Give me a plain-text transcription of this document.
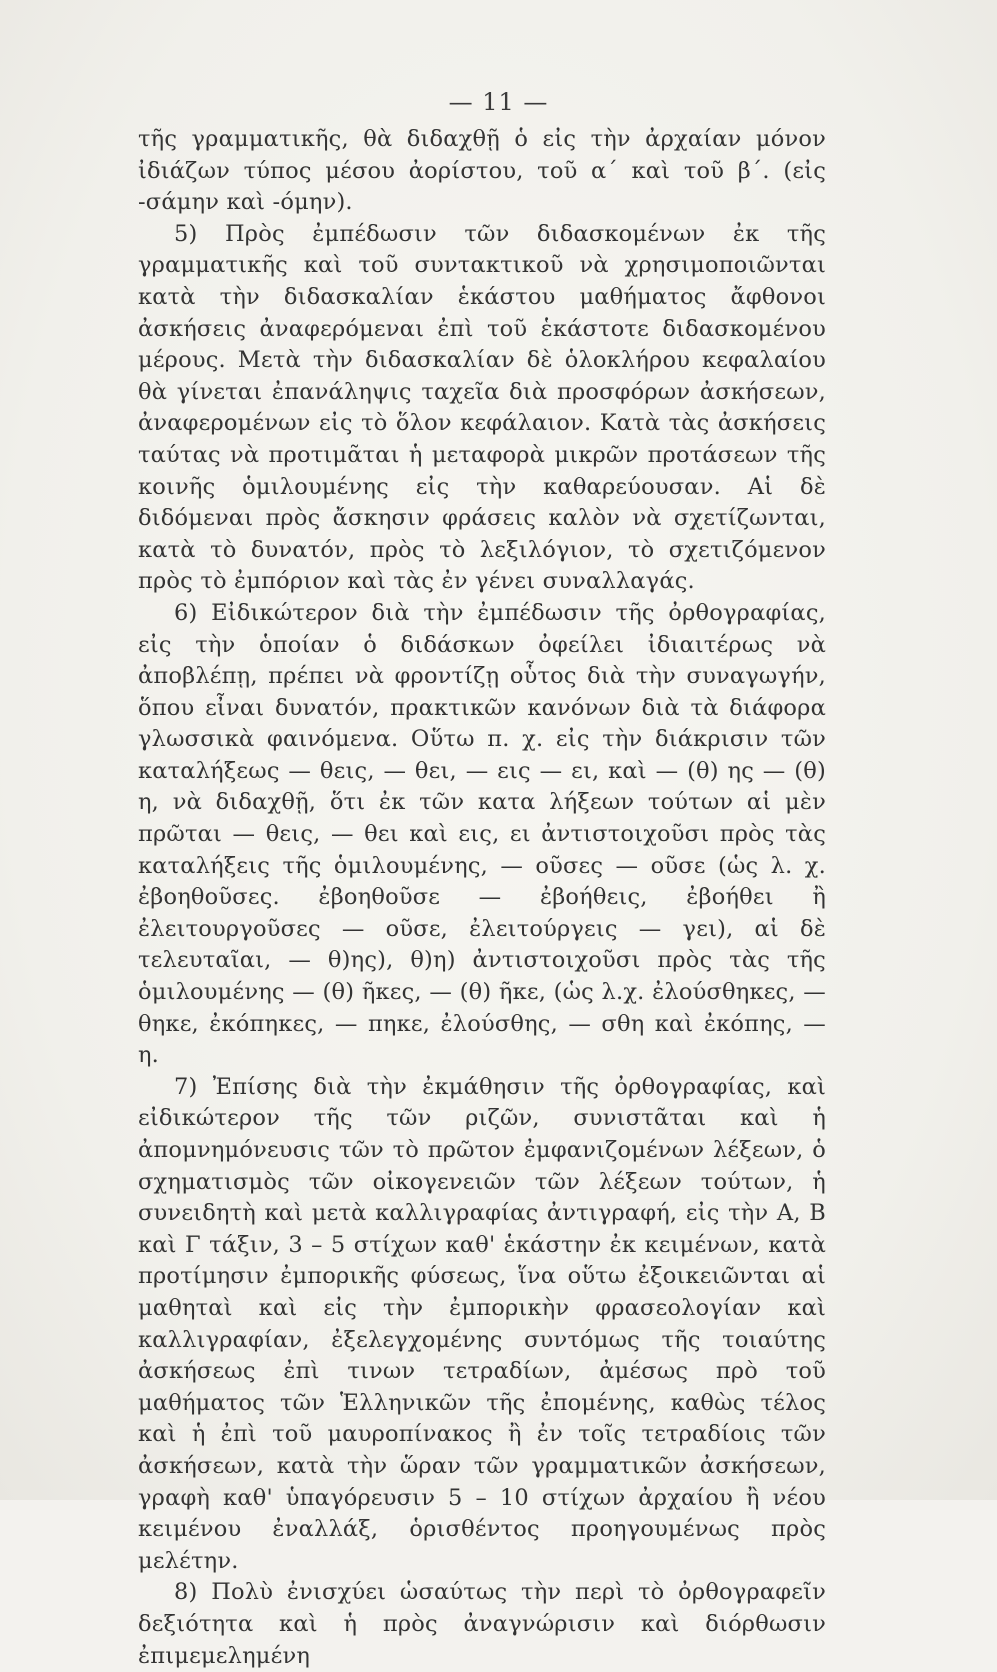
— 11 —

τῆς γραμματικῆς, θὰ διδαχθῇ ὁ εἰς τὴν ἀρχαίαν μόνον ἰδιάζων τύπος μέσου ἀορίστου, τοῦ α΄ καὶ τοῦ β΄. (εἰς -σάμην καὶ -όμην).

5) Πρὸς ἐμπέδωσιν τῶν διδασκομένων ἐκ τῆς γραμματικῆς καὶ τοῦ συντακτικοῦ νὰ χρησιμοποιῶνται κατὰ τὴν διδασκαλίαν ἑκάστου μαθήματος ἄφθονοι ἀσκήσεις ἀναφερόμεναι ἐπὶ τοῦ ἑκάστοτε διδασκομένου μέρους. Μετὰ τὴν διδασκαλίαν δὲ ὁλοκλήρου κεφαλαίου θὰ γίνεται ἐπανάληψις ταχεῖα διὰ προσφόρων ἀσκήσεων, ἀναφερομένων εἰς τὸ ὅλον κεφάλαιον. Κατὰ τὰς ἀσκήσεις ταύτας νὰ προτιμᾶται ἡ μεταφορὰ μικρῶν προτάσεων τῆς κοινῆς ὁμιλουμένης εἰς τὴν καθαρεύουσαν. Αἱ δὲ διδόμεναι πρὸς ἄσκησιν φράσεις καλὸν νὰ σχετίζωνται, κατὰ τὸ δυνατόν, πρὸς τὸ λεξιλόγιον, τὸ σχετιζόμενον πρὸς τὸ ἐμπόριον καὶ τὰς ἐν γένει συναλλαγάς.

6) Εἰδικώτερον διὰ τὴν ἐμπέδωσιν τῆς ὀρθογραφίας, εἰς τὴν ὁποίαν ὁ διδάσκων ὀφείλει ἰδιαιτέρως νὰ ἀποβλέπῃ, πρέπει νὰ φροντίζῃ οὗτος διὰ τὴν συναγωγήν, ὅπου εἶναι δυνατόν, πρακτικῶν κανόνων διὰ τὰ διάφορα γλωσσικὰ φαινόμενα. Οὕτω π. χ. εἰς τὴν διάκρισιν τῶν καταλήξεως — θεις, — θει, — εις — ει, καὶ — (θ) ης — (θ) η, νὰ διδαχθῇ, ὅτι ἐκ τῶν κατα λήξεων τούτων αἱ μὲν πρῶται — θεις, — θει καὶ εις, ει ἀντιστοιχοῦσι πρὸς τὰς καταλήξεις τῆς ὁμιλουμένης, — οῦσες — οῦσε (ὡς λ. χ. ἐβοηθοῦσες. ἐβοηθοῦσε — ἐβοήθεις, ἐβοήθει ἢ ἐλειτουργοῦσες — οῦσε, ἐλειτούργεις — γει), αἱ δὲ τελευταῖαι, — θ)ης), θ)η) ἀντιστοιχοῦσι πρὸς τὰς τῆς ὁμιλουμένης — (θ) ῆκες, — (θ) ῆκε, (ὡς λ.χ. ἐλούσθηκες, — θηκε, ἐκόπηκες, — πηκε, ἐλούσθης, — σθη καὶ ἐκόπης, — η.

7) Ἐπίσης διὰ τὴν ἐκμάθησιν τῆς ὀρθογραφίας, καὶ εἰδικώτερον τῆς τῶν ριζῶν, συνιστᾶται καὶ ἡ ἀπομνημόνευσις τῶν τὸ πρῶτον ἐμφανιζομένων λέξεων, ὁ σχηματισμὸς τῶν οἰκογενειῶν τῶν λέξεων τούτων, ἡ συνειδητὴ καὶ μετὰ καλλιγραφίας ἀντιγραφή, εἰς τὴν Α, Β καὶ Γ τάξιν, 3 – 5 στίχων καθ' ἑκάστην ἐκ κειμένων, κατὰ προτίμησιν ἐμπορικῆς φύσεως, ἵνα οὕτω ἐξοικειῶνται αἱ μαθηταὶ καὶ εἰς τὴν ἐμπορικὴν φρασεολογίαν καὶ καλλιγραφίαν, ἐξελεγχομένης συντόμως τῆς τοιαύτης ἀσκήσεως ἐπὶ τινων τετραδίων, ἀμέσως πρὸ τοῦ μαθήματος τῶν Ἑλληνικῶν τῆς ἐπομένης, καθὼς τέλος καὶ ἡ ἐπὶ τοῦ μαυροπίνακος ἢ ἐν τοῖς τετραδίοις τῶν ἀσκήσεων, κατὰ τὴν ὥραν τῶν γραμματικῶν ἀσκήσεων, γραφὴ καθ' ὑπαγόρευσιν 5 – 10 στίχων ἀρχαίου ἢ νέου κειμένου ἐναλλάξ, ὁρισθέντος προηγουμένως πρὸς μελέτην.

8) Πολὺ ἐνισχύει ὡσαύτως τὴν περὶ τὸ ὀρθογραφεῖν δεξιότητα καὶ ἡ πρὸς ἀναγνώρισιν καὶ διόρθωσιν ἐπιμεμελημένη
